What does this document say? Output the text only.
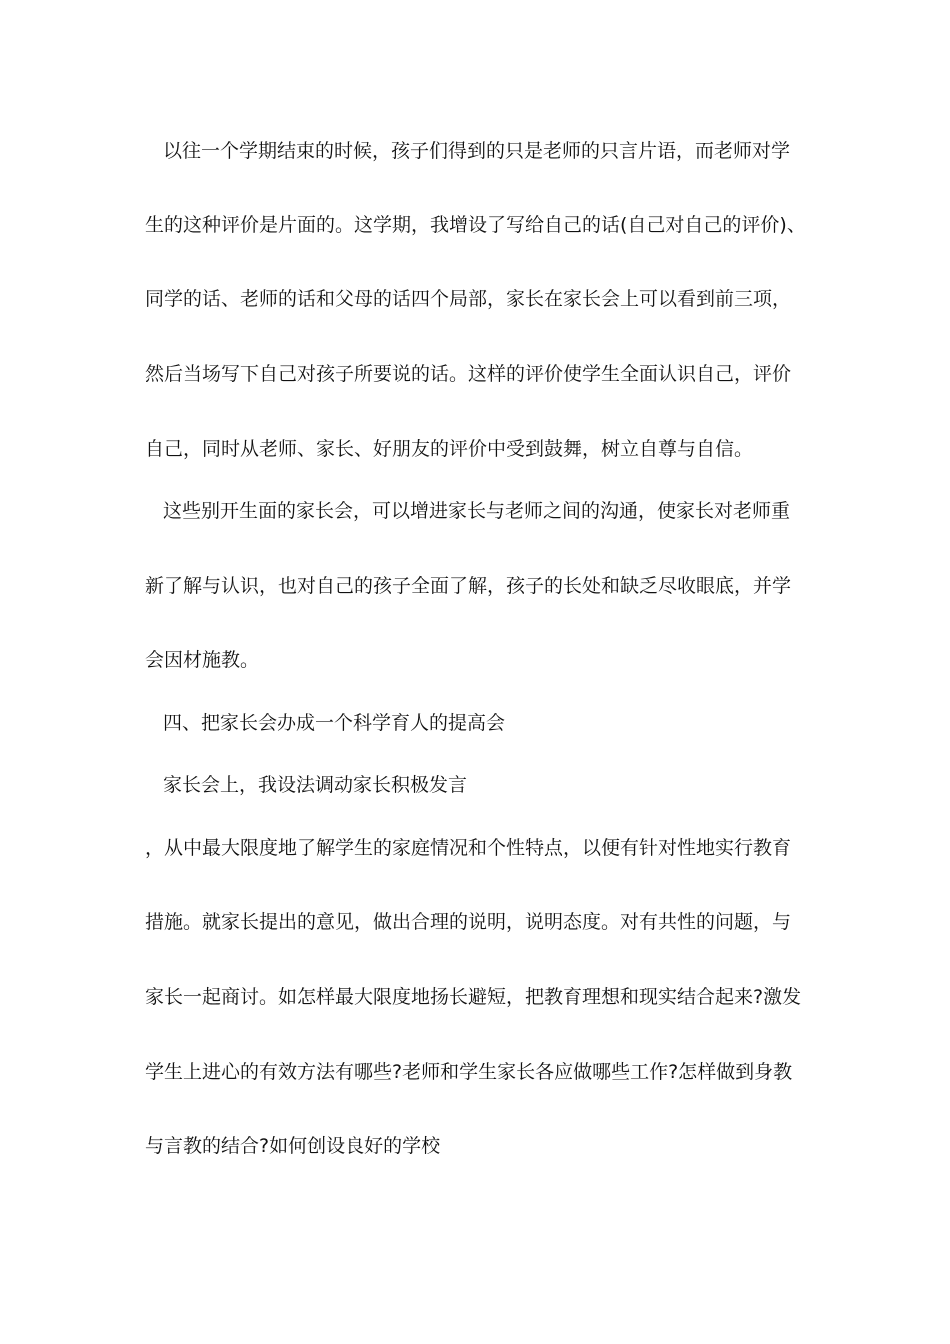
以往一个学期结束的时候，孩子们得到的只是老师的只言片语，而老师对学
生的这种评价是片面的。这学期，我增设了写给自己的话(自己对自己的评价)、
同学的话、老师的话和父母的话四个局部，家长在家长会上可以看到前三项，
然后当场写下自己对孩子所要说的话。这样的评价使学生全面认识自己，评价
自己，同时从老师、家长、好朋友的评价中受到鼓舞，树立自尊与自信。
这些别开生面的家长会，可以增进家长与老师之间的沟通，使家长对老师重
新了解与认识，也对自己的孩子全面了解，孩子的长处和缺乏尽收眼底，并学
会因材施教。
四、把家长会办成一个科学育人的提高会
家长会上，我设法调动家长积极发言
，从中最大限度地了解学生的家庭情况和个性特点，以便有针对性地实行教育
措施。就家长提出的意见，做出合理的说明，说明态度。对有共性的问题，与
家长一起商讨。如怎样最大限度地扬长避短，把教育理想和现实结合起来?激发
学生上进心的有效方法有哪些?老师和学生家长各应做哪些工作?怎样做到身教
与言教的结合?如何创设良好的学校
